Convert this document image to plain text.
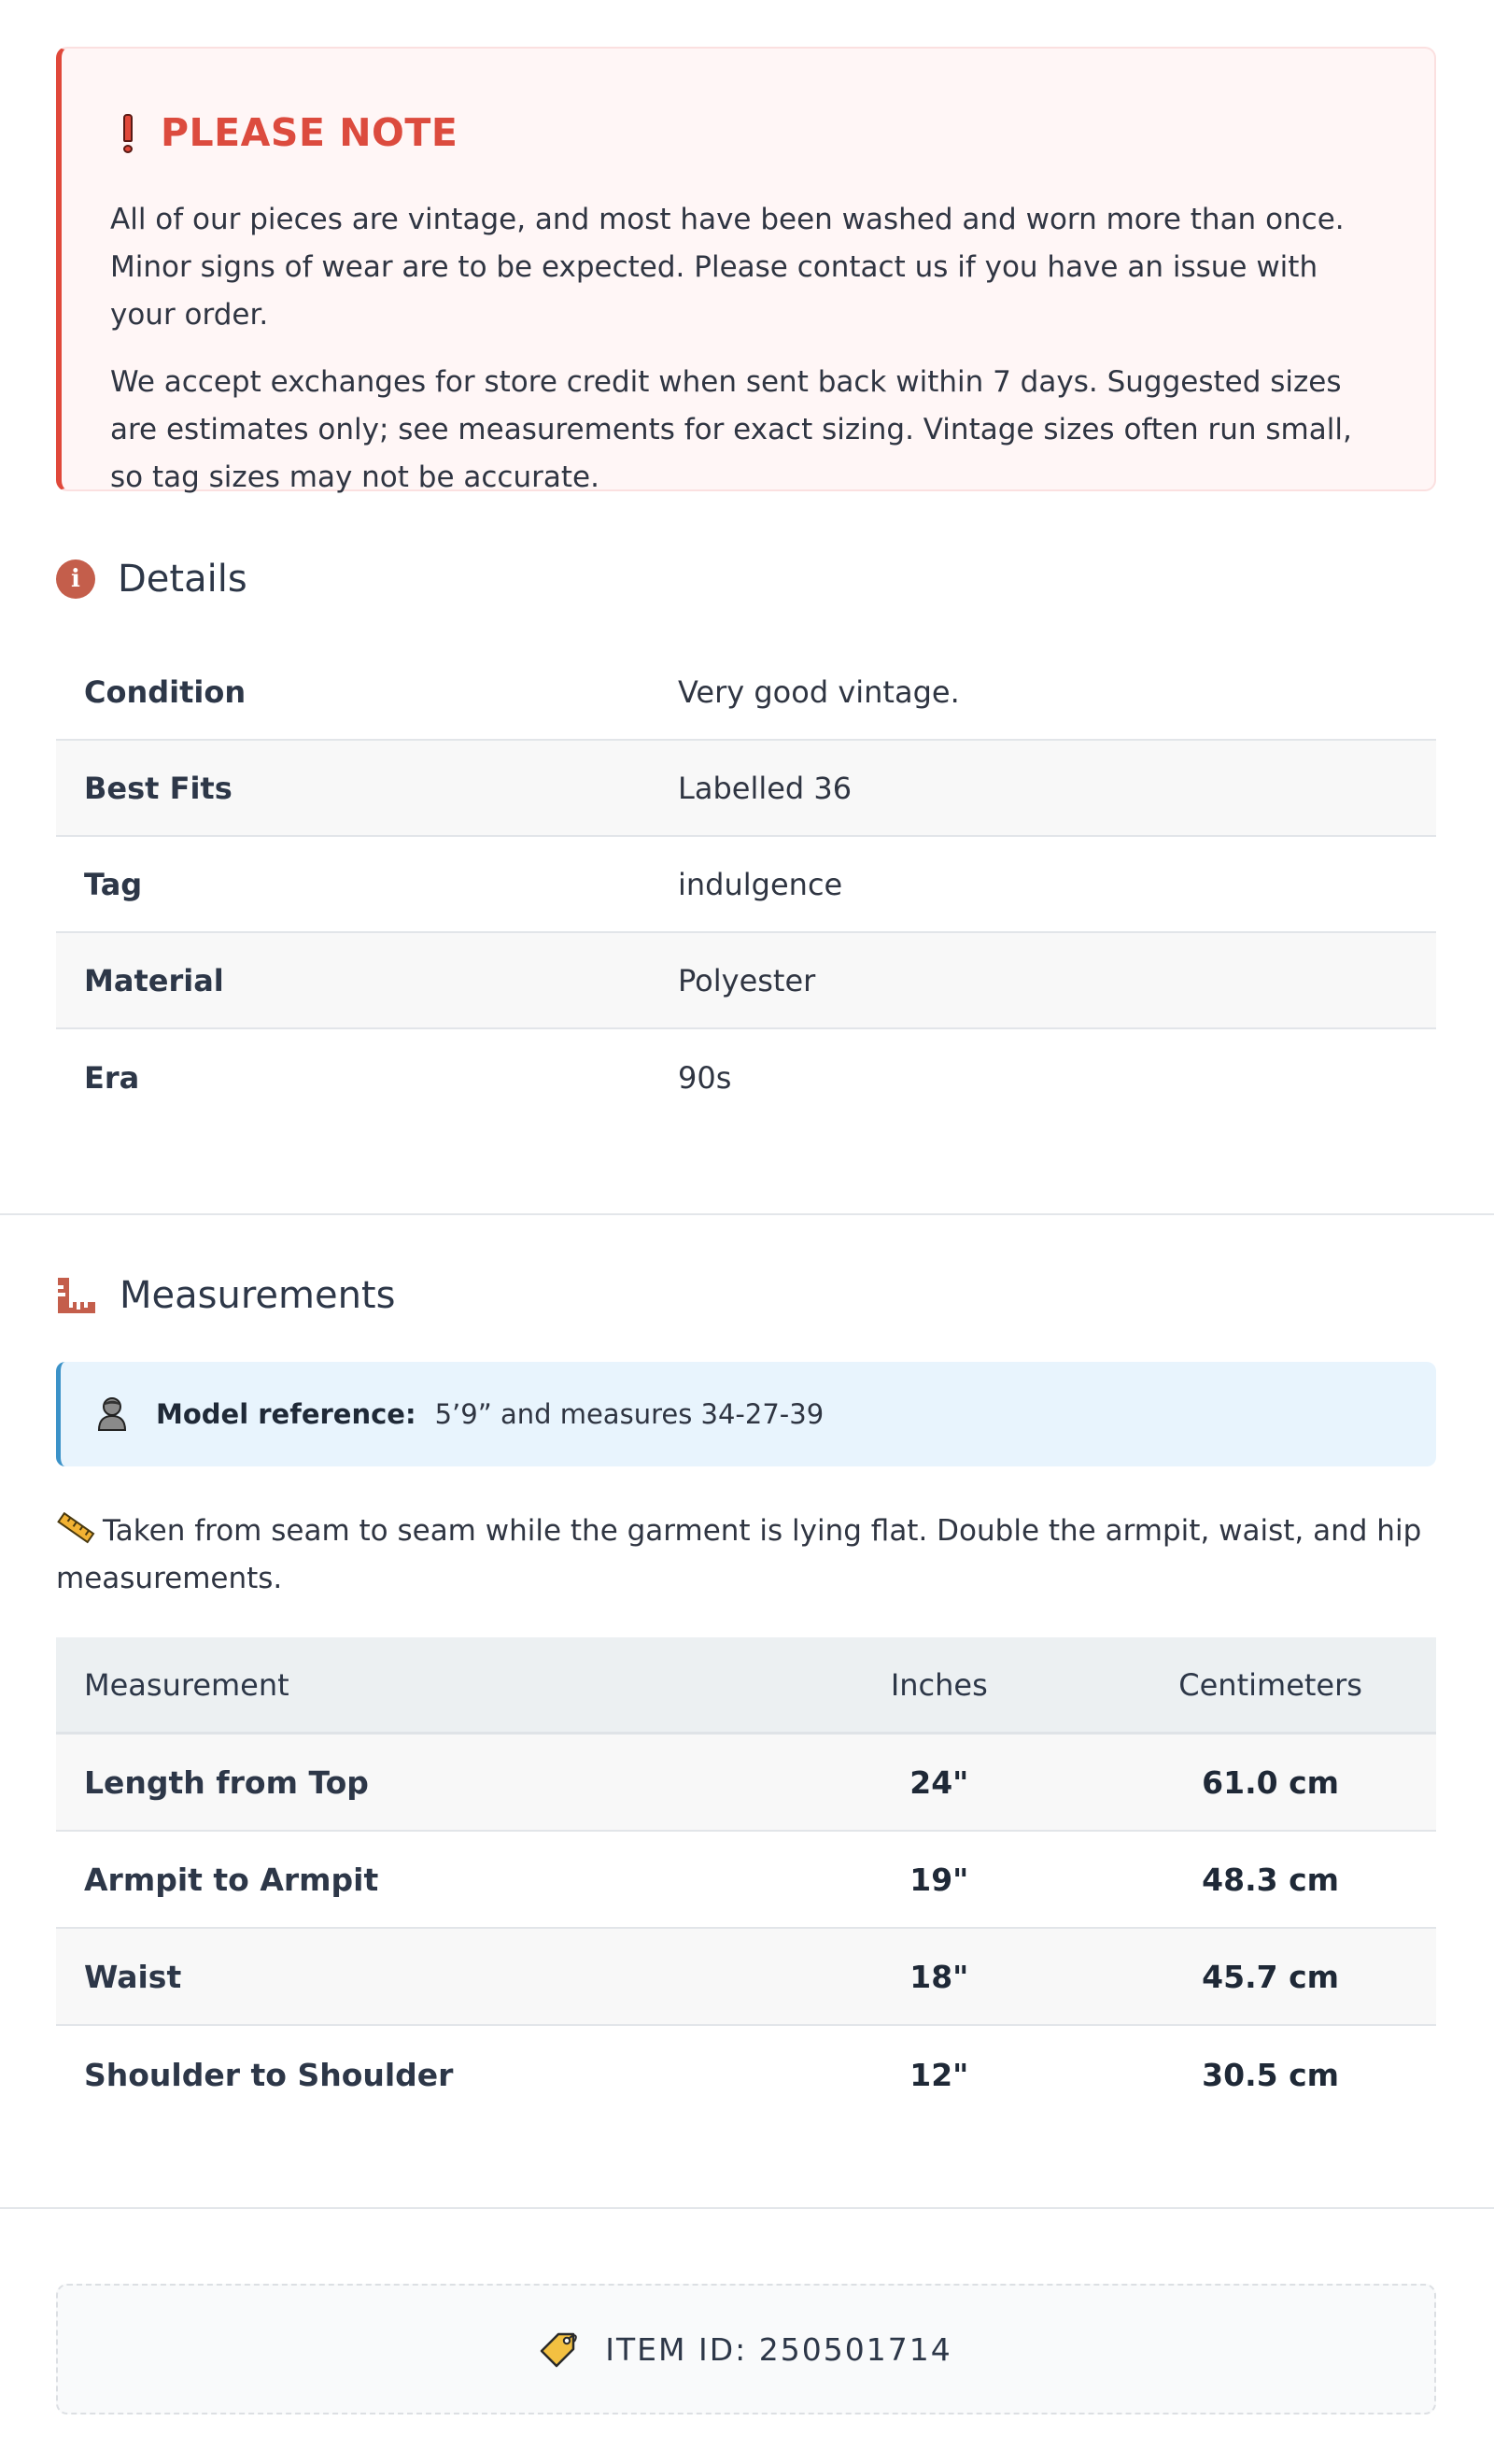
PLEASE NOTE

All of our pieces are vintage, and most have been washed and worn more than once. Minor signs of wear are to be expected. Please contact us if you have an issue with your order.

We accept exchanges for store credit when sent back within 7 days. Suggested sizes are estimates only; see measurements for exact sizing. Vintage sizes often run small, so tag sizes may not be accurate.

i	Details
Condition	Very good vintage.
Best Fits	Labelled 36
Tag	indulgence
Material	Polyester
Era	90s
Measurements
Model reference: 5’9” and measures 34-27-39
Taken from seam to seam while the garment is lying flat. Double the armpit, waist, and hip measurements.
Measurement	Inches	Centimeters
Length from Top	24"	61.0 cm
Armpit to Armpit	19"	48.3 cm
Waist	18"	45.7 cm
Shoulder to Shoulder	12"	30.5 cm
ITEM ID: 250501714
